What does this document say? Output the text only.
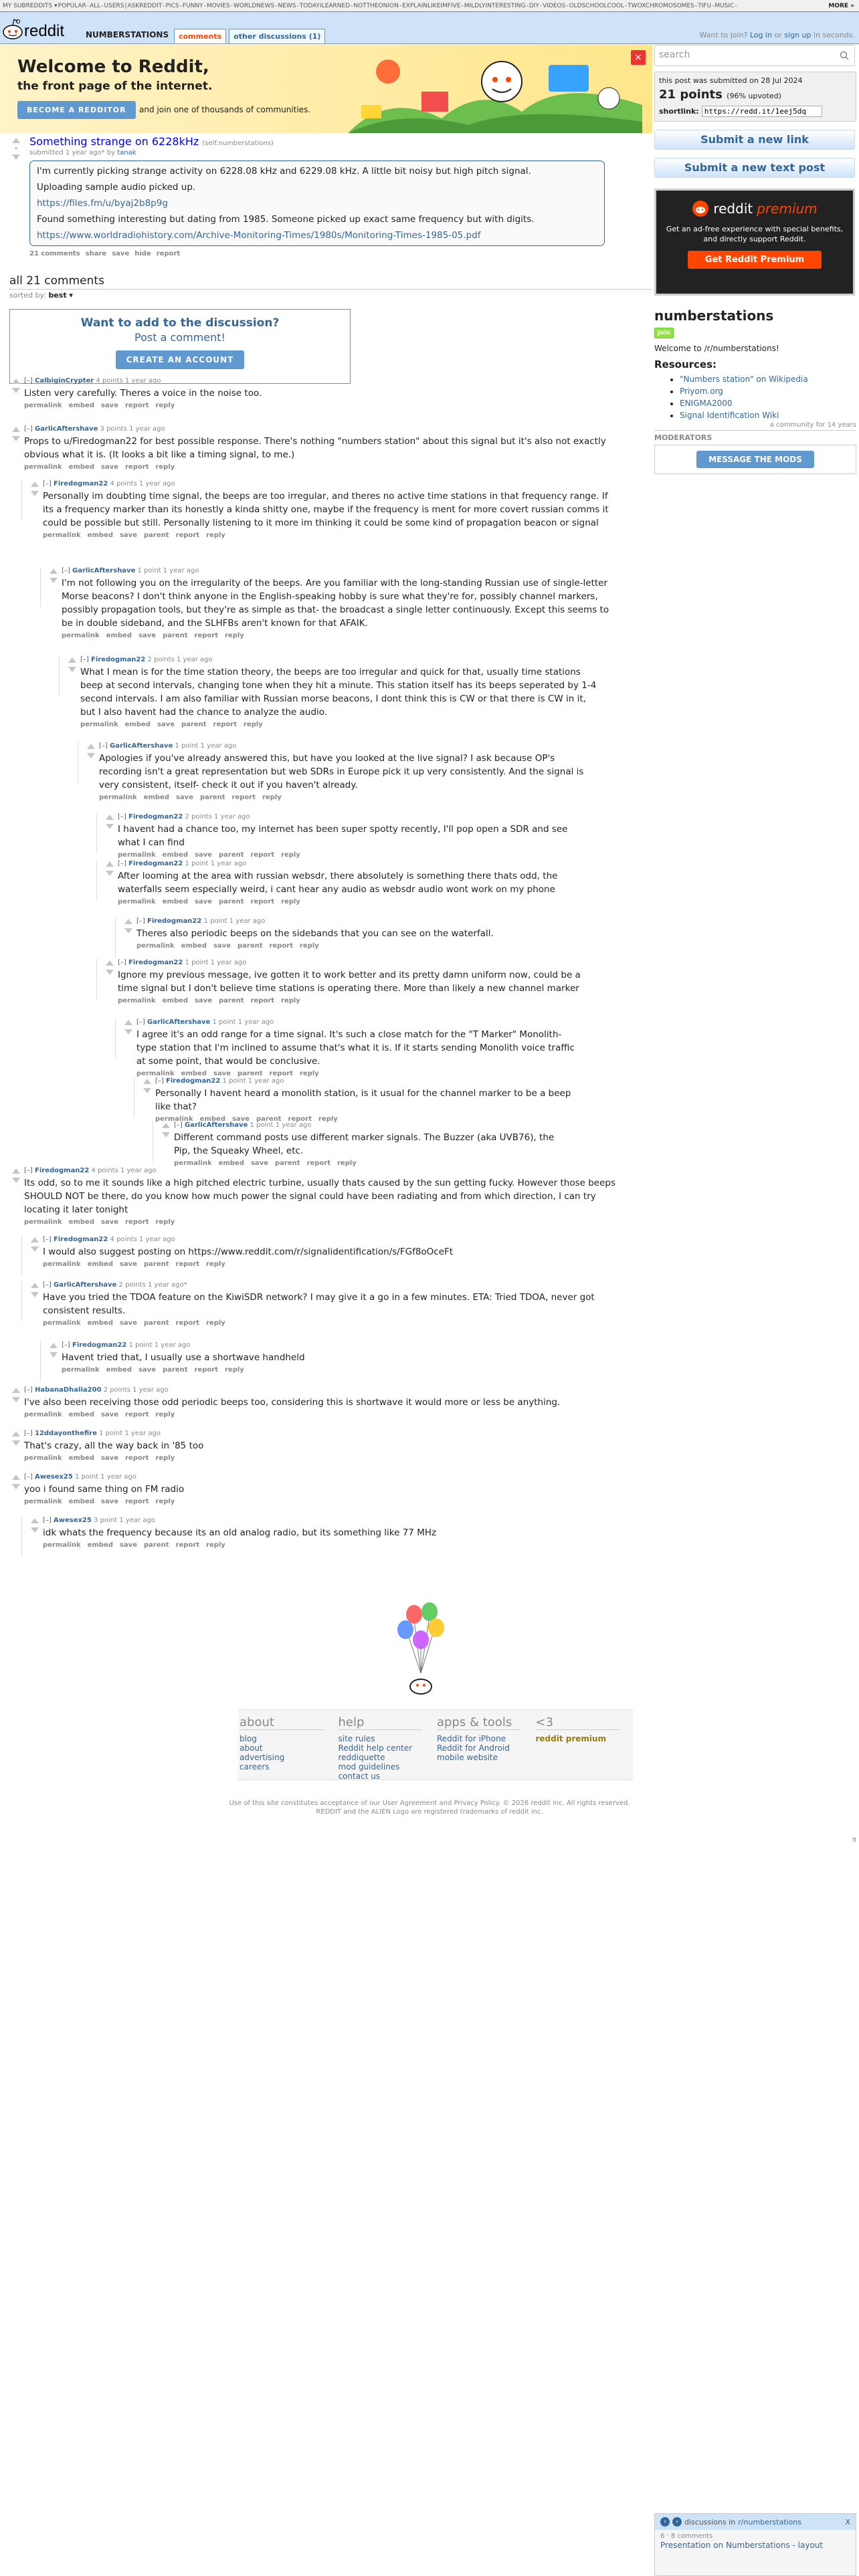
MY SUBREDDITS ▾POPULAR-ALL-USERS|ASKREDDIT-PICS-FUNNY-MOVIES-WORLDNEWS-NEWS-TODAYILEARNED-NOTTHEONION-EXPLAINLIKEIMFIVE-MILDLYINTERESTING-DIY-VIDEOS-OLDSCHOOLCOOL-TWOXCHROMOSOMES-TIFU-MUSIC-	MORE »
reddit	NUMBERSTATIONS	comments	other discussions (1)	Want to join? Log in or sign up in seconds.
Welcome to Reddit,
the front page of the internet.
BECOME A REDDITOR	and join one of thousands of communities.
×	search
this post was submitted on 28 Jul 2024
21 points (96% upvoted)
shortlink:
https://redd.it/1eej5dq
Submit a new link
Submit a new text post
reddit premium

Get an ad-free experience with special benefits, and directly support Reddit.

Get Reddit Premium
numberstations
join
Welcome to /r/numberstations!
Resources:
• "Numbers station" on Wikipedia
• Priyom.org
• ENIGMA2000
• Signal Identification Wiki
a community for 14 years
MODERATORS
MESSAGE THE MODS
•
Something strange on 6228kHz (self.numberstations)
submitted 1 year ago* by tanak
I'm currently picking strange activity on 6228.08 kHz and 6229.08 kHz. A little bit noisy but high pitch signal.
Uploading sample audio picked up.
https://files.fm/u/byaj2b8p9g
Found something interesting but dating from 1985. Someone picked up exact same frequency but with digits.
https://www.worldradiohistory.com/Archive-Monitoring-Times/1980s/Monitoring-Times-1985-05.pdf
21 comments share save hide report
all 21 comments
sorted by: best ▾
Want to add to the discussion?
Post a comment!
CREATE AN ACCOUNT
[–] CalbiginCrypter 4 points 1 year ago
Listen very carefully. Theres a voice in the noise too.
permalink embed save report reply
[–] GarlicAftershave 3 points 1 year ago
Props to u/Firedogman22 for best possible response. There's nothing "numbers station" about this signal but it's also not exactly obvious what it is. (It looks a bit like a timing signal, to me.)
permalink embed save report reply
[–] Firedogman22 4 points 1 year ago
Personally im doubting time signal, the beeps are too irregular, and theres no active time stations in that frequency range. If its a frequency marker than its honestly a kinda shitty one, maybe if the frequency is ment for more covert russian comms it could be possible but still. Personally listening to it more im thinking it could be some kind of propagation beacon or signal
permalink embed save parent report reply
[–] GarlicAftershave 1 point 1 year ago
I'm not following you on the irregularity of the beeps. Are you familiar with the long-standing Russian use of single-letter Morse beacons? I don't think anyone in the English-speaking hobby is sure what they're for, possibly channel markers, possibly propagation tools, but they're as simple as that- the broadcast a single letter continuously. Except this seems to be in double sideband, and the SLHFBs aren't known for that AFAIK.
permalink embed save parent report reply
[–] Firedogman22 2 points 1 year ago
What I mean is for the time station theory, the beeps are too irregular and quick for that, usually time stations beep at second intervals, changing tone when they hit a minute. This station itself has its beeps seperated by 1-4 second intervals. I am also familiar with Russian morse beacons, I dont think this is CW or that there is CW in it, but I also havent had the chance to analyze the audio.
permalink embed save parent report reply
[–] GarlicAftershave 1 point 1 year ago
Apologies if you've already answered this, but have you looked at the live signal? I ask because OP's recording isn't a great representation but web SDRs in Europe pick it up very consistently. And the signal is very consistent, itself- check it out if you haven't already.
permalink embed save parent report reply
[–] Firedogman22 2 points 1 year ago
I havent had a chance too, my internet has been super spotty recently, I'll pop open a SDR and see what I can find
permalink embed save parent report reply
[–] Firedogman22 1 point 1 year ago
After looming at the area with russian websdr, there absolutely is something there thats odd, the waterfalls seem especially weird, i cant hear any audio as websdr audio wont work on my phone
permalink embed save parent report reply
[–] Firedogman22 1 point 1 year ago
Theres also periodic beeps on the sidebands that you can see on the waterfall.
permalink embed save parent report reply
[–] Firedogman22 1 point 1 year ago
Ignore my previous message, ive gotten it to work better and its pretty damn uniform now, could be a time signal but I don't believe time stations is operating there. More than likely a new channel marker
permalink embed save parent report reply
[–] GarlicAftershave 1 point 1 year ago
I agree it's an odd range for a time signal. It's such a close match for the "T Marker" Monolith-type station that I'm inclined to assume that's what it is. If it starts sending Monolith voice traffic at some point, that would be conclusive.
permalink embed save parent report reply
[–] Firedogman22 1 point 1 year ago
Personally I havent heard a monolith station, is it usual for the channel marker to be a beep like that?
permalink embed save parent report reply
[–] GarlicAftershave 1 point 1 year ago
Different command posts use different marker signals. The Buzzer (aka UVB76), the Pip, the Squeaky Wheel, etc.
permalink embed save parent report reply
[–] Firedogman22 4 points 1 year ago
Its odd, so to me it sounds like a high pitched electric turbine, usually thats caused by the sun getting fucky. However those beeps SHOULD NOT be there, do you know how much power the signal could have been radiating and from which direction, I can try locating it later tonight
permalink embed save report reply
[–] Firedogman22 4 points 1 year ago
I would also suggest posting on https://www.reddit.com/r/signalidentification/s/FGf8oOceFt
permalink embed save parent report reply
[–] GarlicAftershave 2 points 1 year ago*
Have you tried the TDOA feature on the KiwiSDR network? I may give it a go in a few minutes. ETA: Tried TDOA, never got consistent results.
permalink embed save parent report reply
[–] Firedogman22 1 point 1 year ago
Havent tried that, I usually use a shortwave handheld
permalink embed save parent report reply
[–] HabanaDhalia200 2 points 1 year ago
I've also been receiving those odd periodic beeps too, considering this is shortwave it would more or less be anything.
permalink embed save report reply
[–] 12ddayonthefire 1 point 1 year ago
That's crazy, all the way back in '85 too
permalink embed save report reply
[–] Awesex25 1 point 1 year ago
yoo i found same thing on FM radio
permalink embed save report reply
[–] Awesex25 3 point 1 year ago
idk whats the frequency because its an old analog radio, but its something like 77 MHz
permalink embed save parent report reply
about
blog
about
advertising
careers
help
site rules
Reddit help center
reddiquette
mod guidelines
contact us
apps & tools
Reddit for iPhone
Reddit for Android
mobile website
<3
reddit premium
Use of this site constitutes acceptance of our User Agreement and Privacy Policy. © 2026 reddit inc. All rights reserved.
REDDIT and the ALIEN Logo are registered trademarks of reddit inc.
π
‹	› discussions in r/numberstations	X
6 · 8 comments
Presentation on Numberstations - layout
